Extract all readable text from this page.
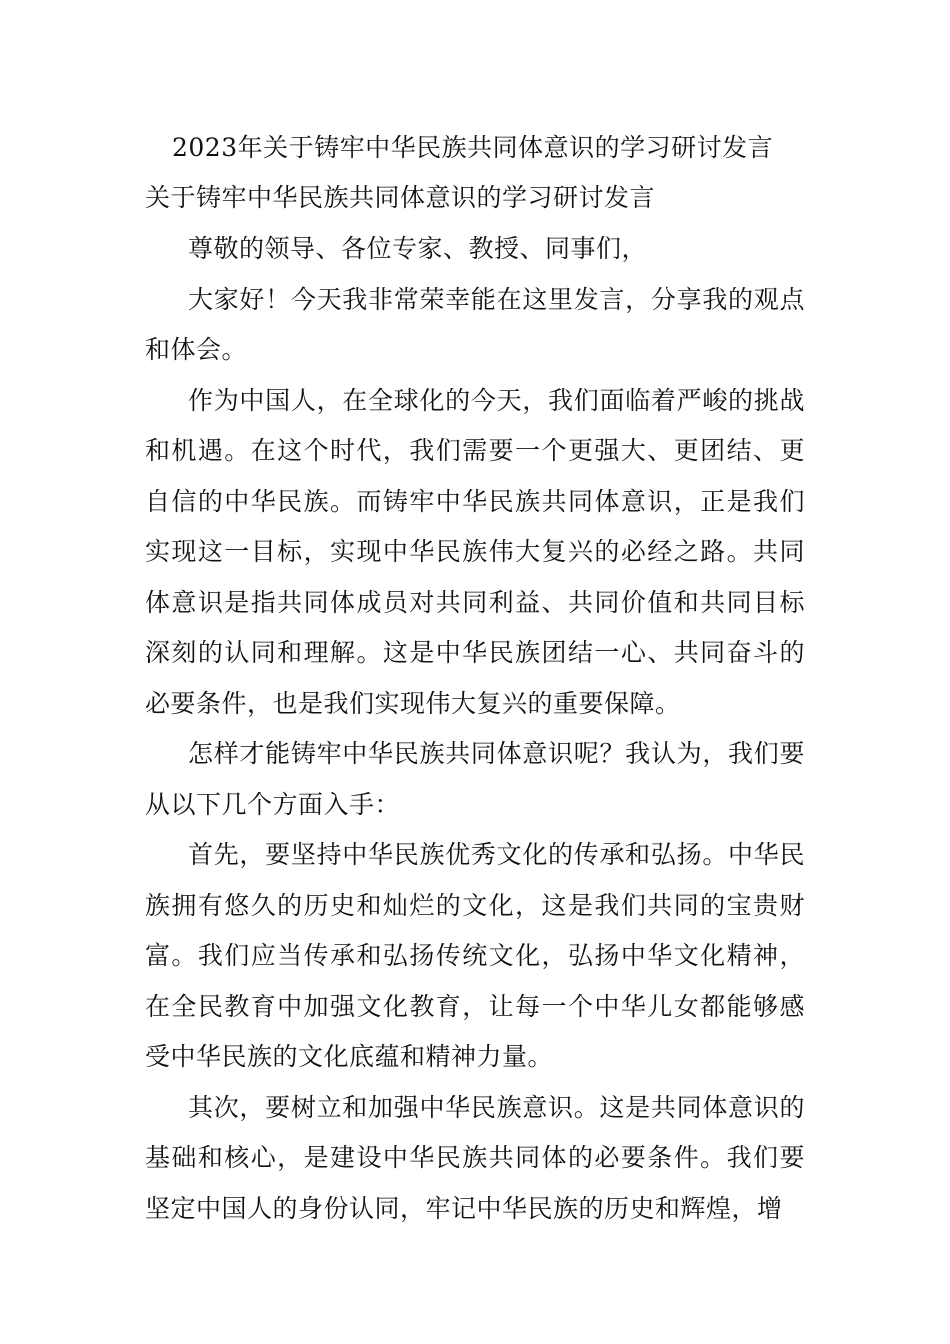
2023年关于铸牢中华民族共同体意识的学习研讨发言
关于铸牢中华民族共同体意识的学习研讨发言

尊敬的领导、各位专家、教授、同事们，

大家好！今天我非常荣幸能在这里发言，分享我的观点和体会。

作为中国人，在全球化的今天，我们面临着严峻的挑战和机遇。在这个时代，我们需要一个更强大、更团结、更自信的中华民族。而铸牢中华民族共同体意识，正是我们实现这一目标，实现中华民族伟大复兴的必经之路。共同体意识是指共同体成员对共同利益、共同价值和共同目标深刻的认同和理解。这是中华民族团结一心、共同奋斗的必要条件，也是我们实现伟大复兴的重要保障。

怎样才能铸牢中华民族共同体意识呢？我认为，我们要从以下几个方面入手：

首先，要坚持中华民族优秀文化的传承和弘扬。中华民族拥有悠久的历史和灿烂的文化，这是我们共同的宝贵财富。我们应当传承和弘扬传统文化，弘扬中华文化精神，在全民教育中加强文化教育，让每一个中华儿女都能够感受中华民族的文化底蕴和精神力量。

其次，要树立和加强中华民族意识。这是共同体意识的基础和核心，是建设中华民族共同体的必要条件。我们要坚定中国人的身份认同，牢记中华民族的历史和辉煌，增
